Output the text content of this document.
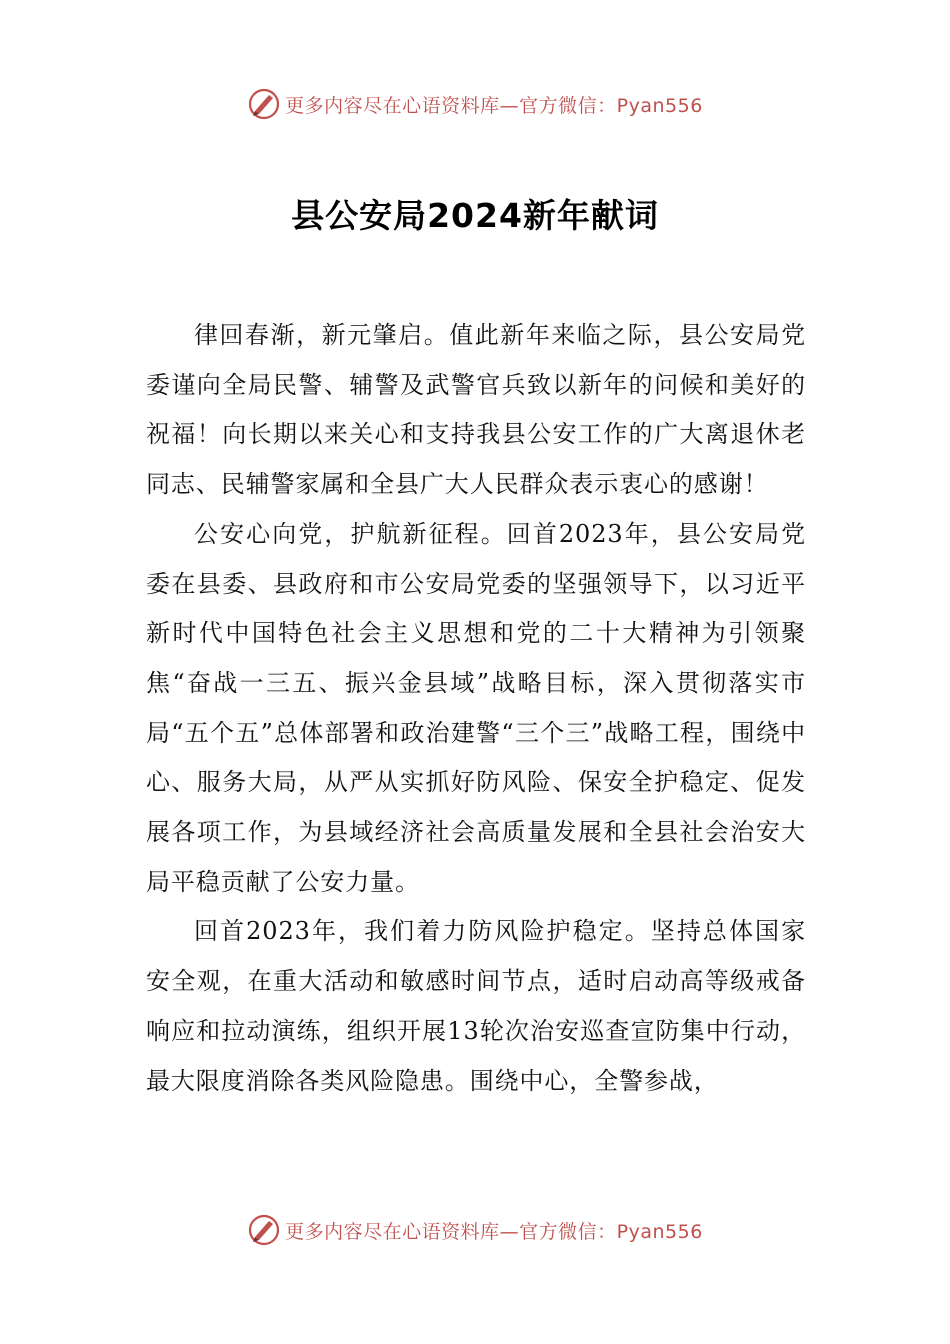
更多内容尽在心语资料库—官方微信：Pyan556
县公安局2024新年献词

律回春渐，新元肇启。值此新年来临之际，县公安局党委谨向全局民警、辅警及武警官兵致以新年的问候和美好的祝福！向长期以来关心和支持我县公安工作的广大离退休老同志、民辅警家属和全县广大人民群众表示衷心的感谢！

公安心向党，护航新征程。回首2023年，县公安局党委在县委、县政府和市公安局党委的坚强领导下，以习近平新时代中国特色社会主义思想和党的二十大精神为引领聚焦“奋战一三五、振兴金县域”战略目标，深入贯彻落实市局“五个五”总体部署和政治建警“三个三”战略工程，围绕中心、服务大局，从严从实抓好防风险、保安全护稳定、促发展各项工作，为县域经济社会高质量发展和全县社会治安大局平稳贡献了公安力量。

回首2023年，我们着力防风险护稳定。坚持总体国家安全观，在重大活动和敏感时间节点，适时启动高等级戒备响应和拉动演练，组织开展13轮次治安巡查宣防集中行动，最大限度消除各类风险隐患。围绕中心，全警参战，

更多内容尽在心语资料库—官方微信：Pyan556
